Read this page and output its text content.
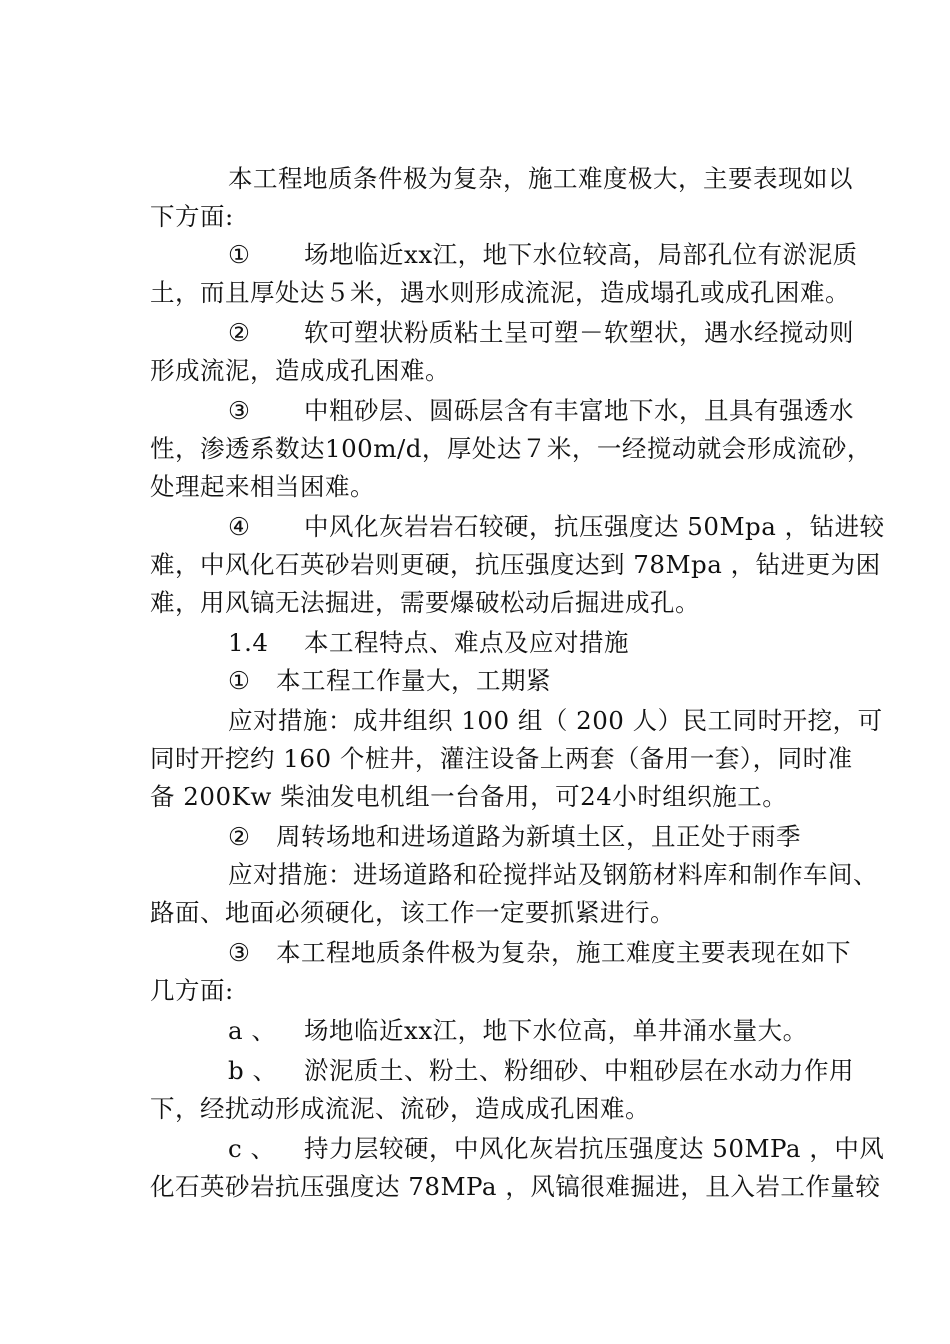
本工程地质条件极为复杂，施工难度极大，主要表现如以
下方面:
① 场地临近xx江，地下水位较高，局部孔位有淤泥质
土，而且厚处达５米，遇水则形成流泥，造成塌孔或成孔困难。
② 软可塑状粉质粘土呈可塑－软塑状，遇水经搅动则
形成流泥，造成成孔困难。
③ 中粗砂层、圆砾层含有丰富地下水，且具有强透水
性，渗透系数达100m/d，厚处达７米，一经搅动就会形成流砂，
处理起来相当困难。
④ 中风化灰岩岩石较硬，抗压强度达 50Mpa ，钻进较
难，中风化石英砂岩则更硬，抗压强度达到 78Mpa ，钻进更为困
难，用风镐无法掘进，需要爆破松动后掘进成孔。
1.4 本工程特点、难点及应对措施
① 本工程工作量大，工期紧
应对措施：成井组织 100 组（ 200 人）民工同时开挖，可
同时开挖约 160 个桩井，灌注设备上两套（备用一套），同时准
备 200Kw 柴油发电机组一台备用，可24小时组织施工。
② 周转场地和进场道路为新填土区，且正处于雨季
应对措施：进场道路和砼搅拌站及钢筋材料库和制作车间、
路面、地面必须硬化，该工作一定要抓紧进行。
③ 本工程地质条件极为复杂，施工难度主要表现在如下
几方面:
a 、 场地临近xx江，地下水位高，单井涌水量大。
b 、 淤泥质土、粉土、粉细砂、中粗砂层在水动力作用
下，经扰动形成流泥、流砂，造成成孔困难。
c 、 持力层较硬，中风化灰岩抗压强度达 50MPa ，中风
化石英砂岩抗压强度达 78MPa ，风镐很难掘进，且入岩工作量较
